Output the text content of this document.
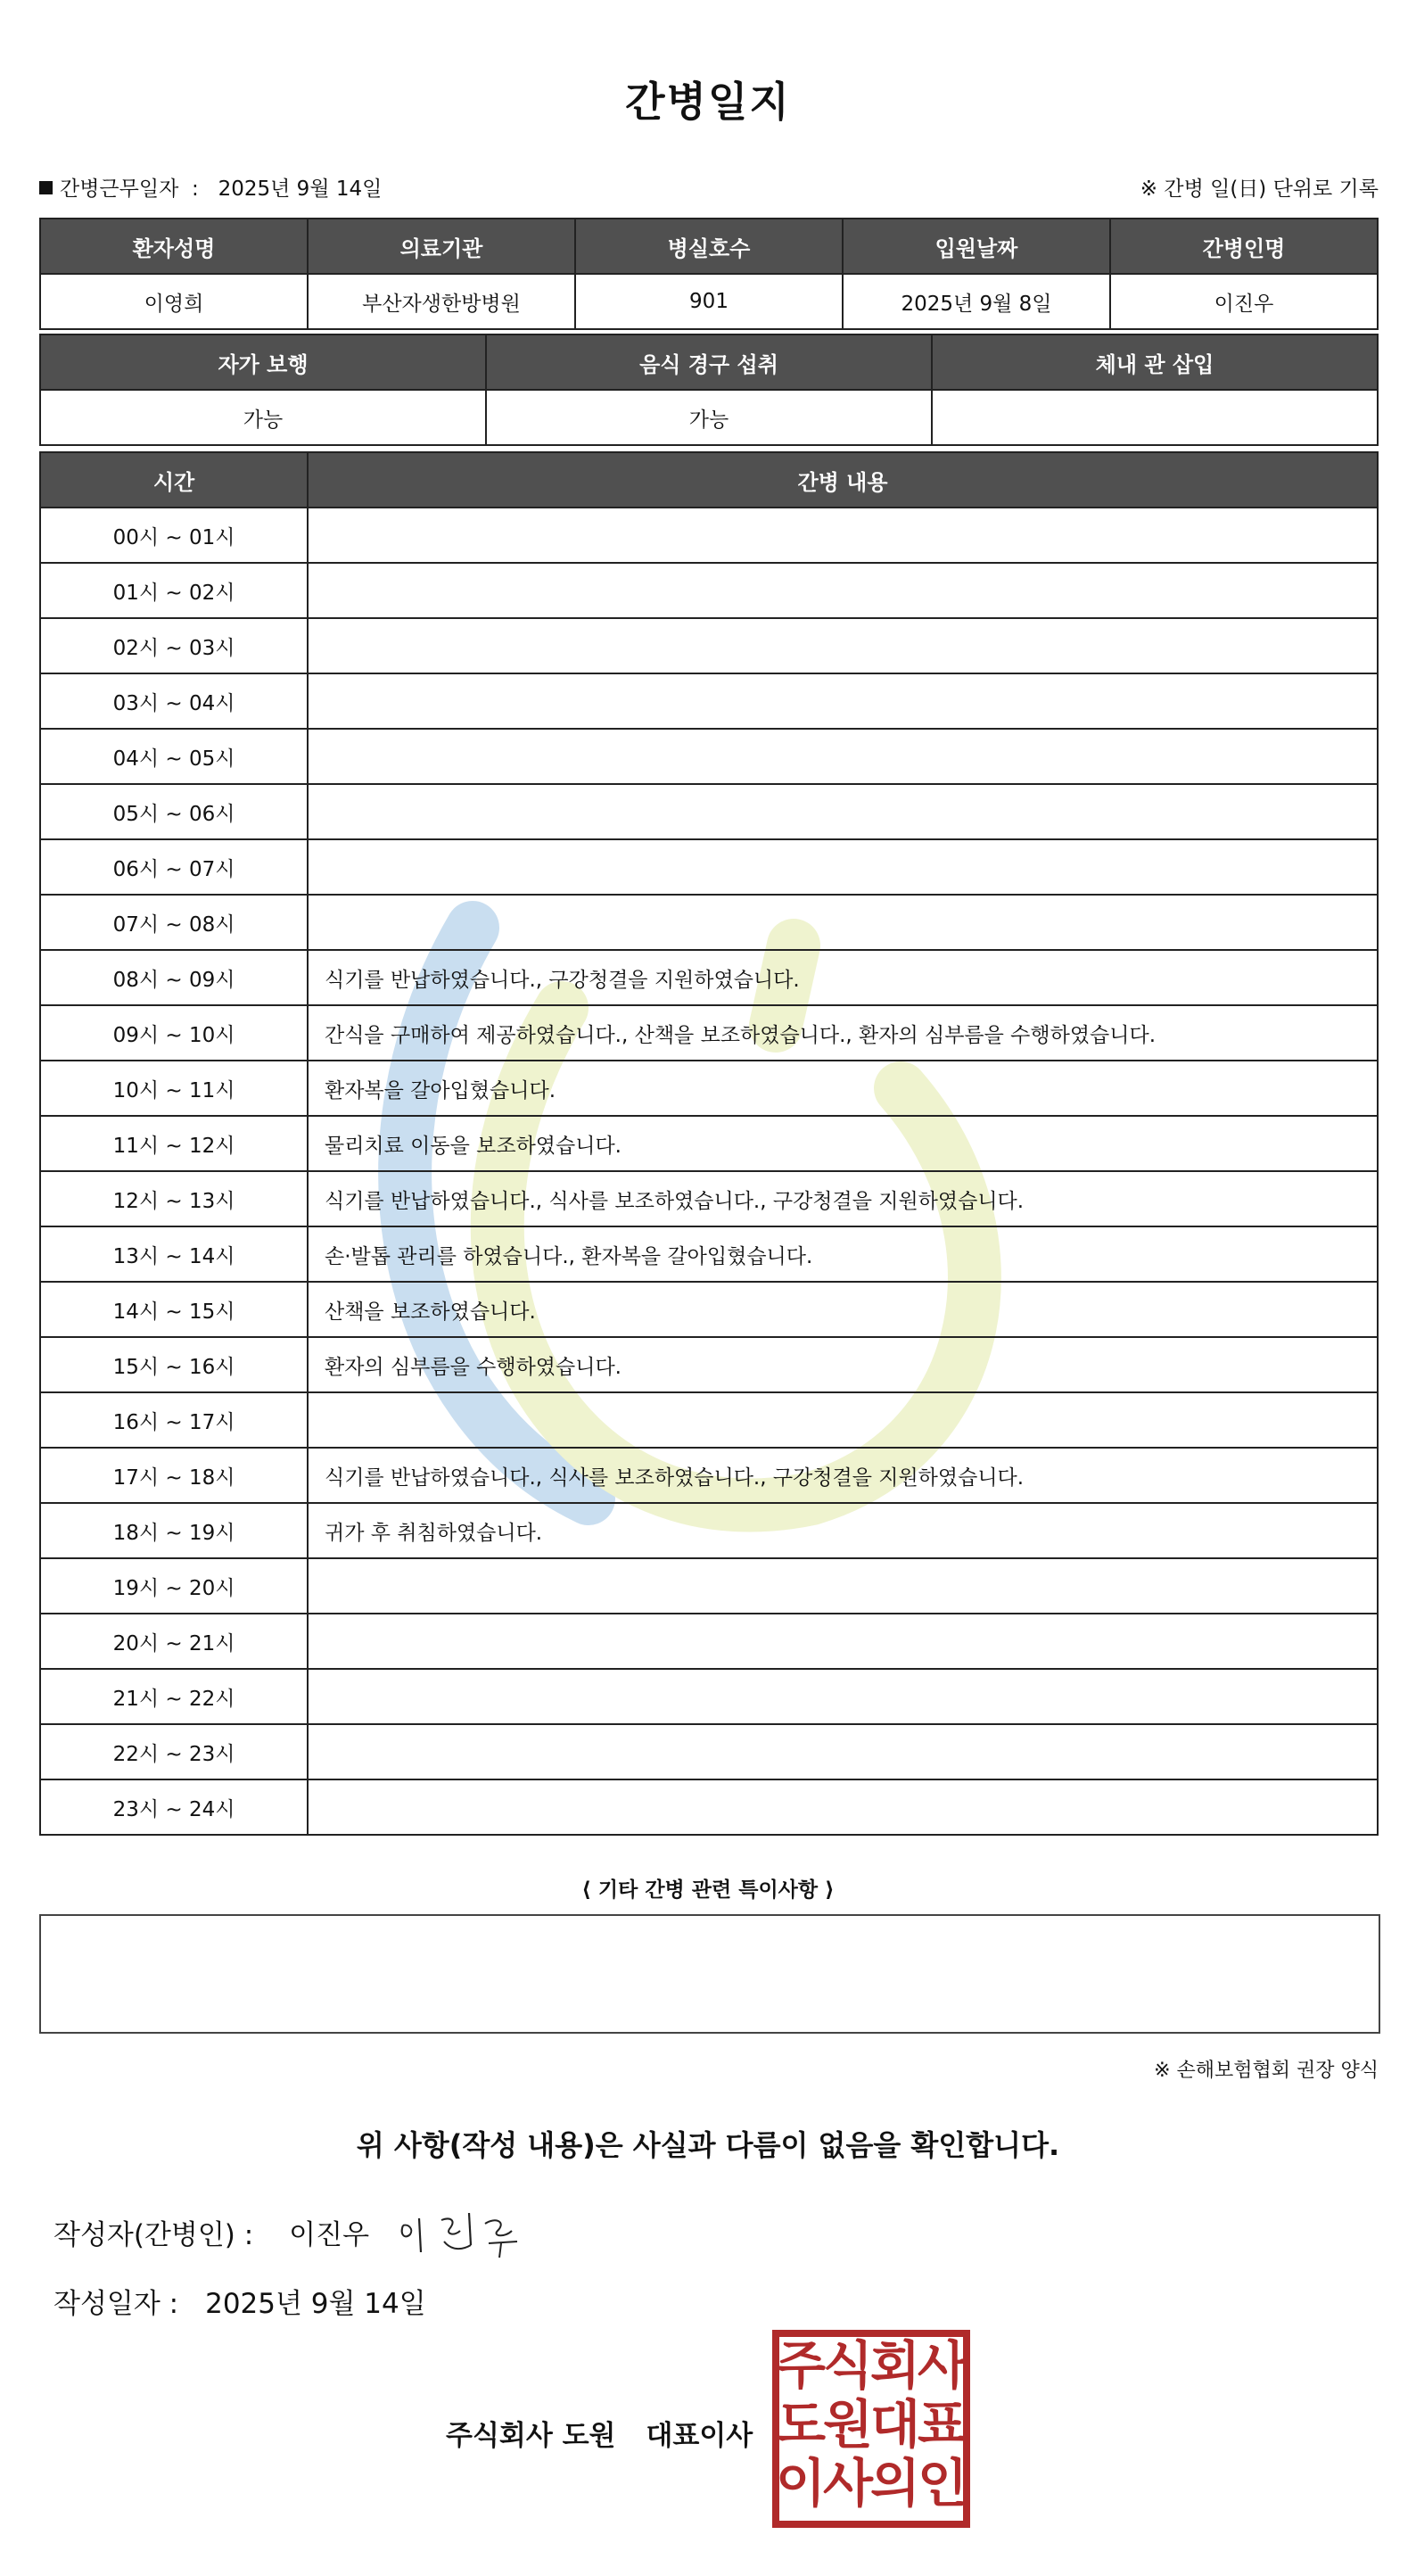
간병일지
간병근무일자 : 2025년 9월 14일	※ 간병 일(日) 단위로 기록
환자성명	의료기관	병실호수	입원날짜	간병인명
이영희	부산자생한방병원	901	2025년 9월 8일	이진우
자가 보행	음식 경구 섭취	체내 관 삽입
가능	가능	
시간	간병 내용
00시 ~ 01시	
01시 ~ 02시	
02시 ~ 03시	
03시 ~ 04시	
04시 ~ 05시	
05시 ~ 06시	
06시 ~ 07시	
07시 ~ 08시	
08시 ~ 09시	식기를 반납하였습니다., 구강청결을 지원하였습니다.
09시 ~ 10시	간식을 구매하여 제공하였습니다., 산책을 보조하였습니다., 환자의 심부름을 수행하였습니다.
10시 ~ 11시	환자복을 갈아입혔습니다.
11시 ~ 12시	물리치료 이동을 보조하였습니다.
12시 ~ 13시	식기를 반납하였습니다., 식사를 보조하였습니다., 구강청결을 지원하였습니다.
13시 ~ 14시	손·발톱 관리를 하였습니다., 환자복을 갈아입혔습니다.
14시 ~ 15시	산책을 보조하였습니다.
15시 ~ 16시	환자의 심부름을 수행하였습니다.
16시 ~ 17시	
17시 ~ 18시	식기를 반납하였습니다., 식사를 보조하였습니다., 구강청결을 지원하였습니다.
18시 ~ 19시	귀가 후 취침하였습니다.
19시 ~ 20시	
20시 ~ 21시	
21시 ~ 22시	
22시 ~ 23시	
23시 ~ 24시	
⟨ 기타 간병 관련 특이사항 ⟩
※ 손해보험협회 권장 양식
위 사항(작성 내용)은 사실과 다름이 없음을 확인합니다.
작성자(간병인) : 이진우
작성일자 : 2025년 9월 14일
주식회사 도원 대표이사
주
식
회
사
도
원
대
표
이
사
의
인
